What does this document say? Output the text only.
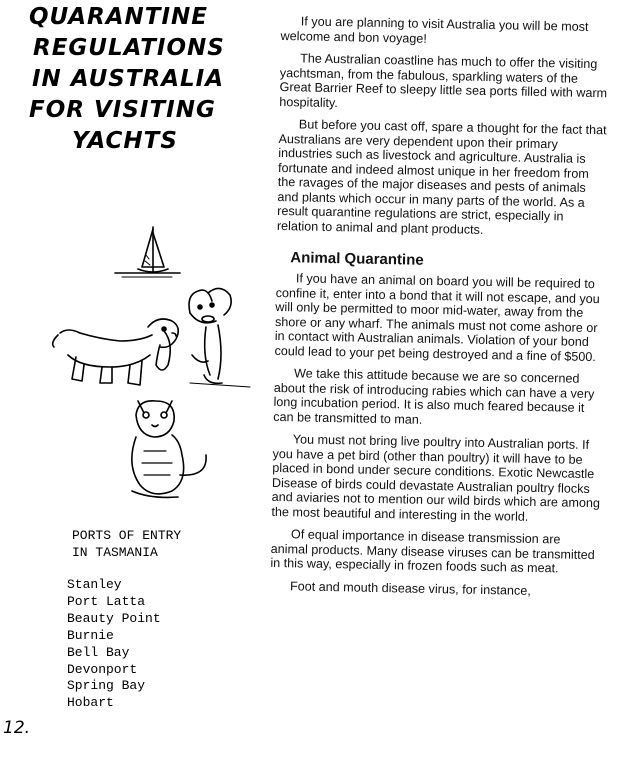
QUARANTINE
REGULATIONS
IN AUSTRALIA
FOR VISITING
YACHTS
PORTS OF ENTRY
IN TASMANIA
Stanley
Port Latta
Beauty Point
Burnie
Bell Bay
Devonport
Spring Bay
Hobart
12.

If you are planning to visit Australia you will be most welcome and bon voyage!

The Australian coastline has much to offer the visiting yachtsman, from the fabulous, sparkling waters of the Great Barrier Reef to sleepy little sea ports filled with warm hospitality.

But before you cast off, spare a thought for the fact that Australians are very dependent upon their primary industries such as livestock and agriculture. Australia is fortunate and indeed almost unique in her freedom from the ravages of the major diseases and pests of animals and plants which occur in many parts of the world. As a result quarantine regulations are strict, especially in relation to animal and plant products.

Animal Quarantine

If you have an animal on board you will be required to confine it, enter into a bond that it will not escape, and you will only be permitted to moor mid-water, away from the shore or any wharf. The animals must not come ashore or in contact with Australian animals. Violation of your bond could lead to your pet being destroyed and a fine of $500.

We take this attitude because we are so concerned about the risk of introducing rabies which can have a very long incubation period. It is also much feared because it can be transmitted to man.

You must not bring live poultry into Australian ports. If you have a pet bird (other than poultry) it will have to be placed in bond under secure conditions. Exotic Newcastle Disease of birds could devastate Australian poultry flocks and aviaries not to mention our wild birds which are among the most beautiful and interesting in the world.

Of equal importance in disease transmission are animal products. Many disease viruses can be transmitted in this way, especially in frozen foods such as meat.

Foot and mouth disease virus, for instance,
